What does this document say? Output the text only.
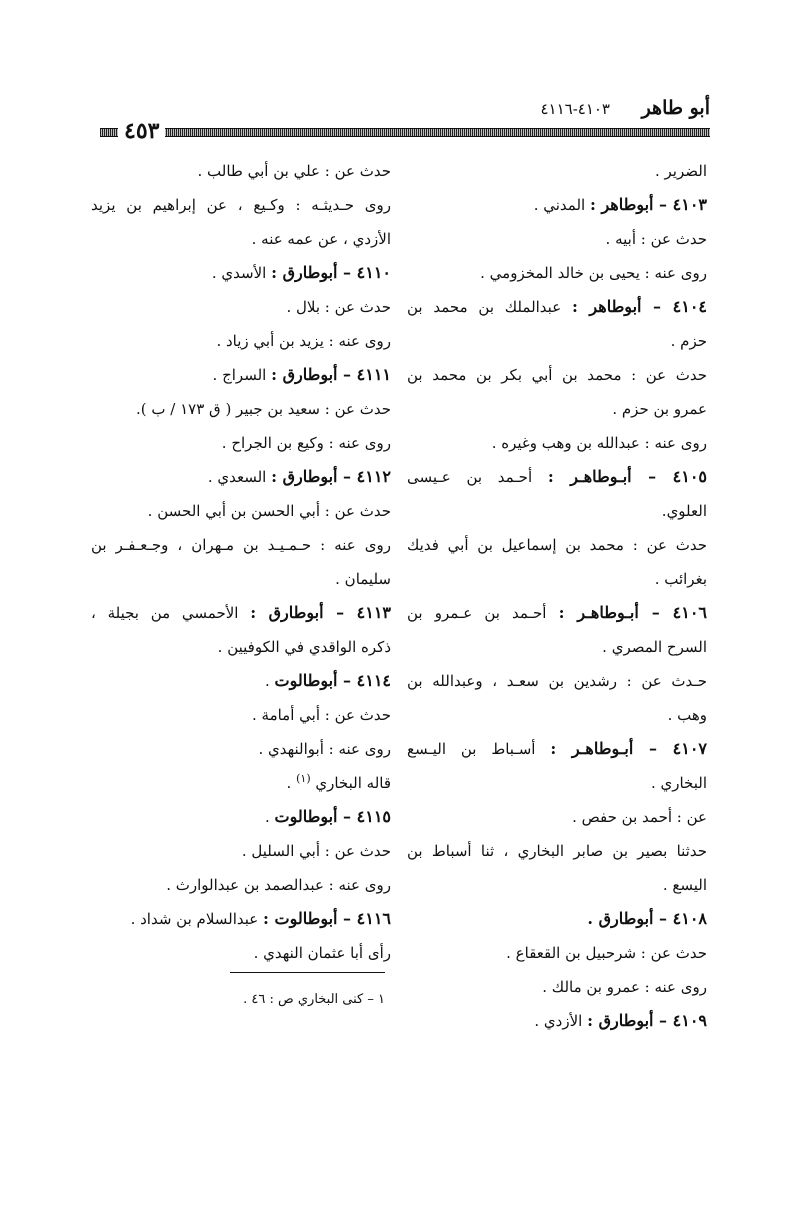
أبو طاهر
٤١٠٣-٤١١٦
٤٥٣
الضرير .
٤١٠٣ – أبوطاهر : المدني .
حدث عن : أبيه .
روى عنه : يحيى بن خالد المخزومي .
٤١٠٤ – أبوطاهر : عبدالملك بن محمد بن
حزم .
حدث عن : محمد بن أبي بكر بن محمد بن
عمرو بن حزم .
روى عنه : عبدالله بن وهب وغيره .
٤١٠٥ – أبـوطاهـر : أحـمد بن عـيسى
العلوي.
حدث عن : محمد بن إسماعيل بن أبي فديك
بغرائب .
٤١٠٦ – أبـوطاهـر : أحـمد بن عـمرو بن
السرح المصري .
حـدث عن : رشدين بن سعـد ، وعبدالله بن
وهب .
٤١٠٧ – أبـوطاهـر : أسـباط بن اليـسع
البخاري .
عن : أحمد بن حفص .
حدثنا بصير بن صابر البخاري ، ثنا أسباط بن
اليسع .
٤١٠٨ – أبوطارق .
حدث عن : شرحبيل بن القعقاع .
روى عنه : عمرو بن مالك .
٤١٠٩ – أبوطارق : الأزدي .
حدث عن : علي بن أبي طالب .
روى حـديثـه : وكـيع ، عن إبراهيم بن يزيد
الأزدي ، عن عمه عنه .
٤١١٠ – أبوطارق : الأسدي .
حدث عن : بلال .
روى عنه : يزيد بن أبي زياد .
٤١١١ – أبوطارق : السراج .
حدث عن : سعيد بن جبير ( ق ١٧٣ / ب ).
روى عنه : وكيع بن الجراح .
٤١١٢ – أبوطارق : السعدي .
حدث عن : أبي الحسن بن أبي الحسن .
روى عنه : حـمـيـد بن مـهران ، وجـعـفـر بن
سليمان .
٤١١٣ – أبوطارق : الأحمسي من بجيلة ،
ذكره الواقدي في الكوفيين .
٤١١٤ – أبوطالوت .
حدث عن : أبي أمامة .
روى عنه : أبوالنهدي .
قاله البخاري $^{(١)}$ .
٤١١٥ – أبوطالوت .
حدث عن : أبي السليل .
روى عنه : عبدالصمد بن عبدالوارث .
٤١١٦ – أبوطالوت : عبدالسلام بن شداد .
رأى أبا عثمان النهدي .
١ – كنى البخاري ص : ٤٦ .
